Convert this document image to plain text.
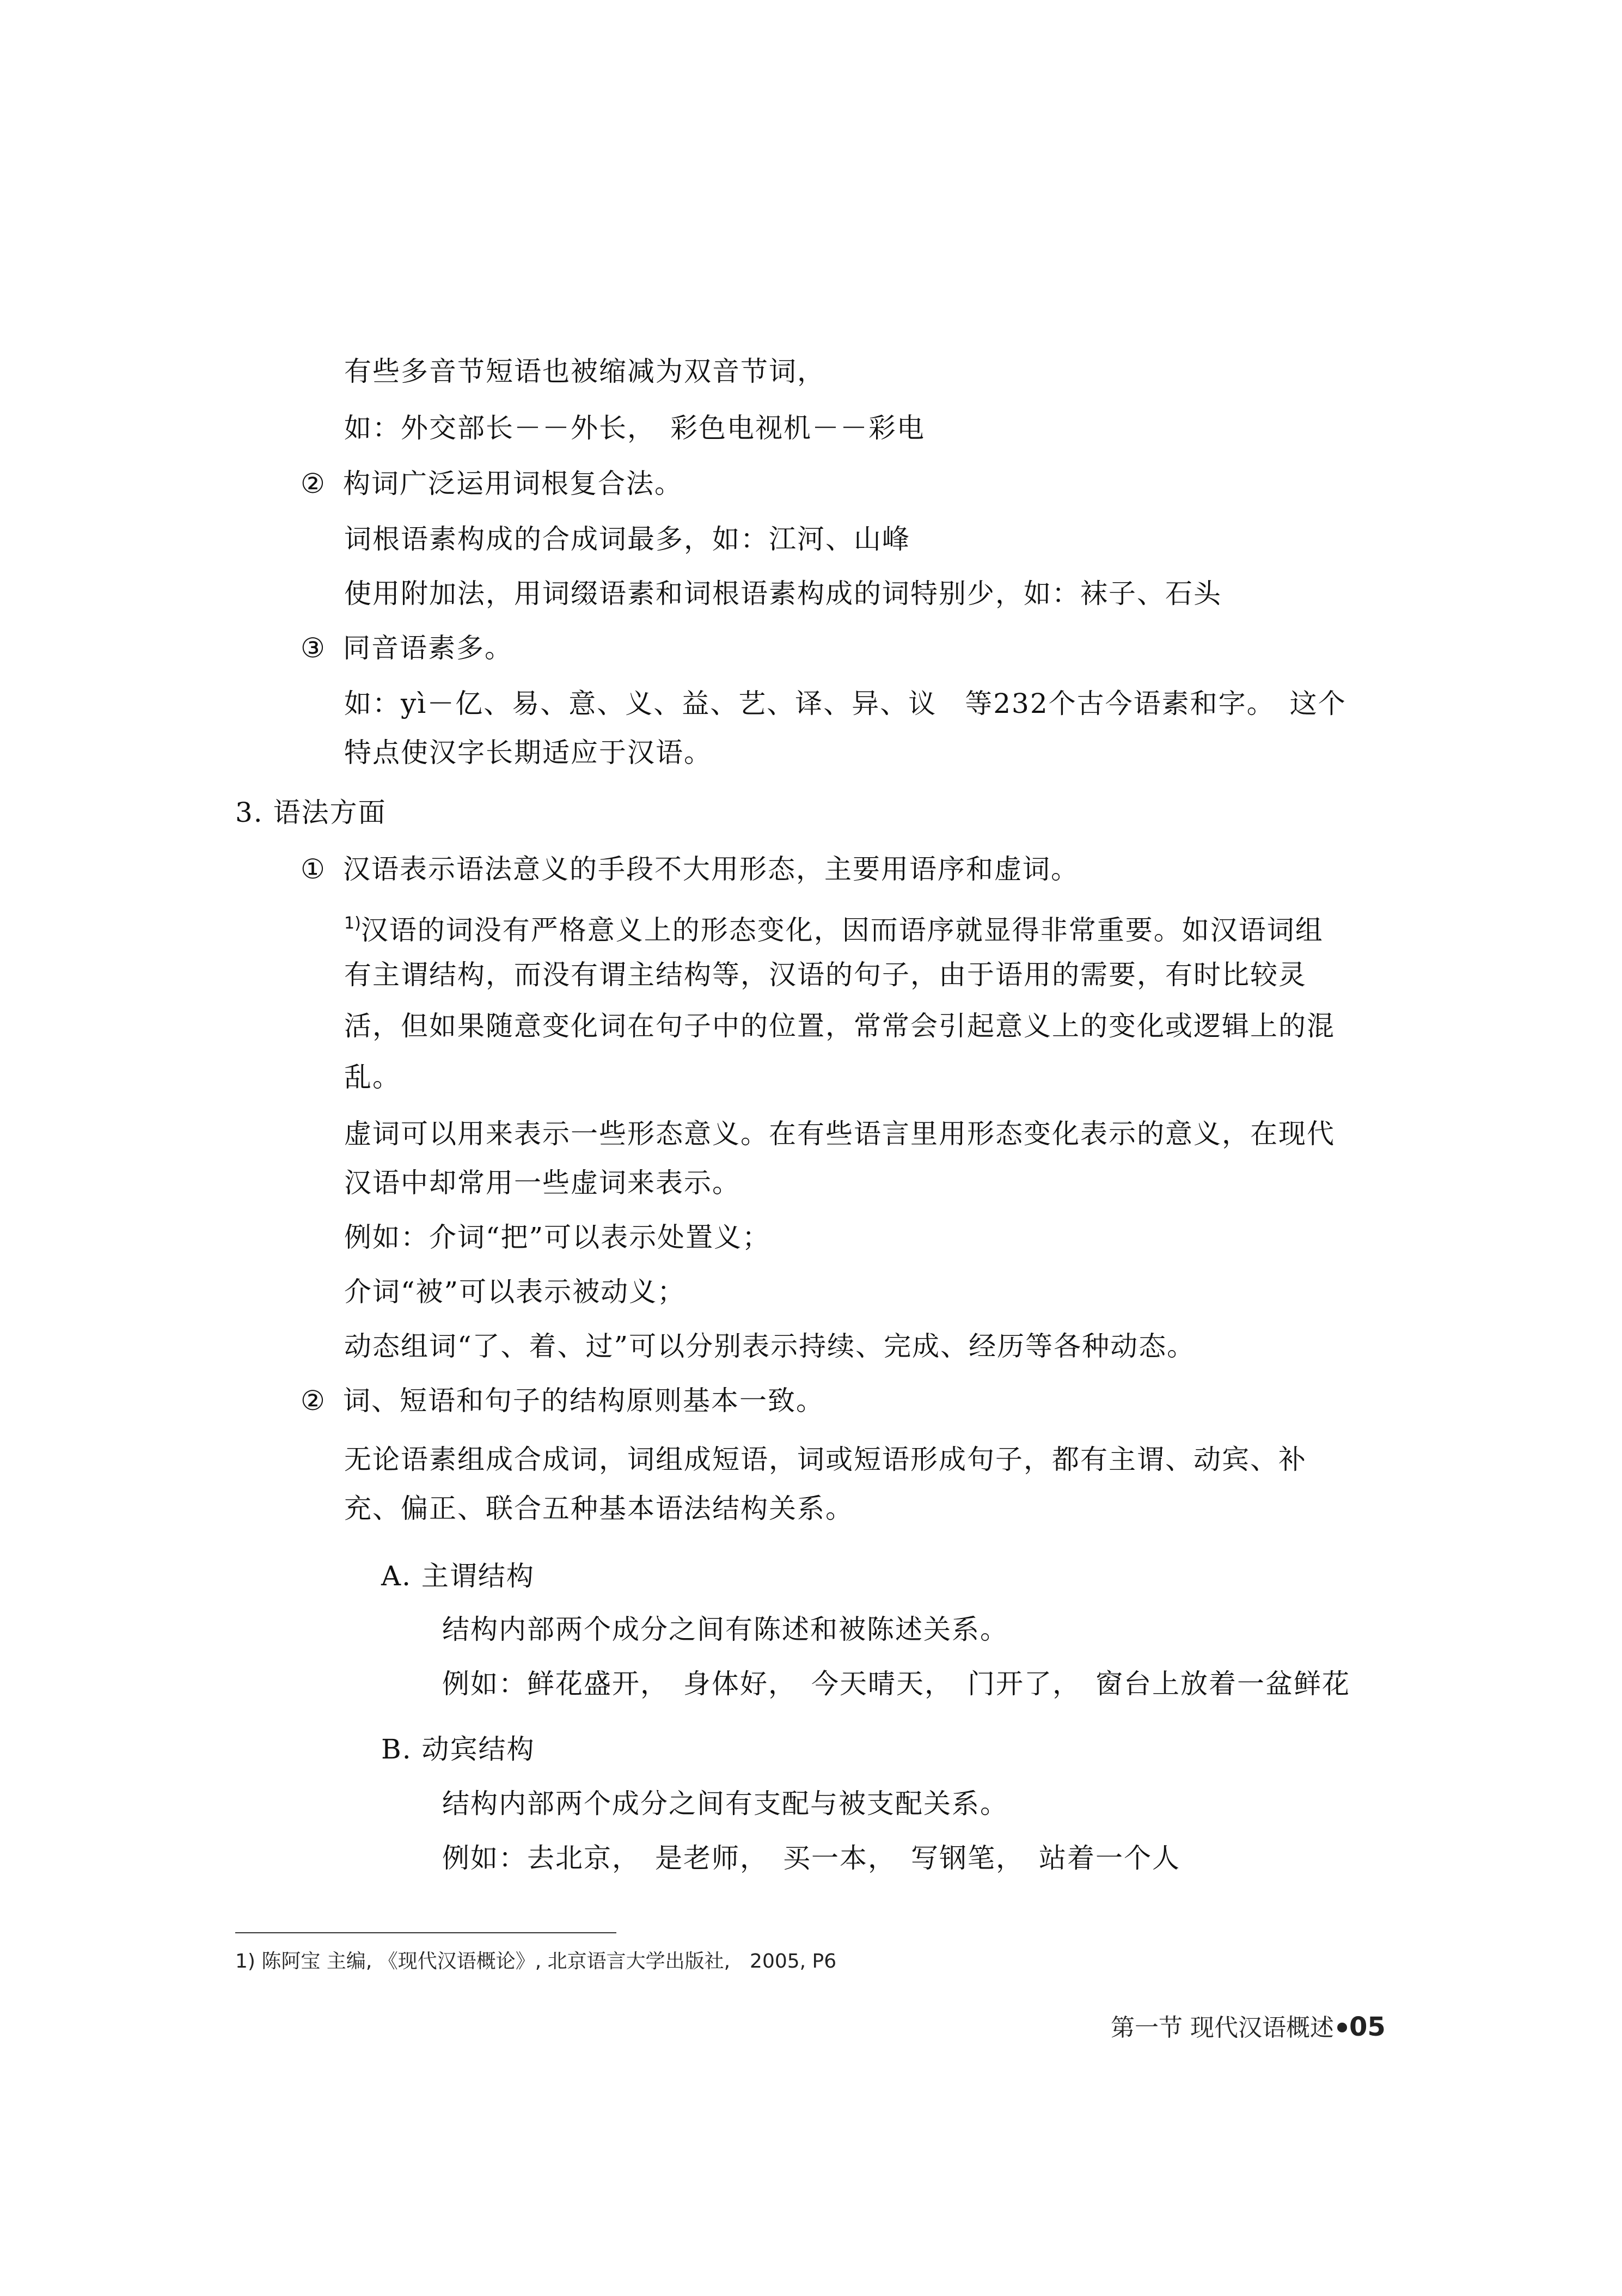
有些多音节短语也被缩减为双音节词，
如：外交部长－－外长，　彩色电视机－－彩电
② 构词广泛运用词根复合法。
词根语素构成的合成词最多，如：江河、山峰
使用附加法，用词缀语素和词根语素构成的词特别少，如：袜子、石头
③ 同音语素多。
如：yì－亿、易、意、义、益、艺、译、异、议　等232个古今语素和字。　这个
特点使汉字长期适应于汉语。
3. 语法方面
① 汉语表示语法意义的手段不大用形态，主要用语序和虚词。
$^{1)}$汉语的词没有严格意义上的形态变化，因而语序就显得非常重要。如汉语词组
有主谓结构，而没有谓主结构等，汉语的句子，由于语用的需要，有时比较灵
活，但如果随意变化词在句子中的位置，常常会引起意义上的变化或逻辑上的混
乱。
虚词可以用来表示一些形态意义。在有些语言里用形态变化表示的意义，在现代
汉语中却常用一些虚词来表示。
例如：介词“把”可以表示处置义；
介词“被”可以表示被动义；
动态组词“了、着、过”可以分别表示持续、完成、经历等各种动态。
② 词、短语和句子的结构原则基本一致。
无论语素组成合成词，词组成短语，词或短语形成句子，都有主谓、动宾、补
充、偏正、联合五种基本语法结构关系。
A. 主谓结构
结构内部两个成分之间有陈述和被陈述关系。
例如：鲜花盛开，　身体好，　今天晴天，　门开了，　窗台上放着一盆鲜花
B. 动宾结构
结构内部两个成分之间有支配与被支配关系。
例如：去北京，　是老师，　买一本，　写钢笔，　站着一个人
1) 陈阿宝 主编, 《现代汉语概论》, 北京语言大学出版社,　2005, P6
第一节 现代汉语概述 05
